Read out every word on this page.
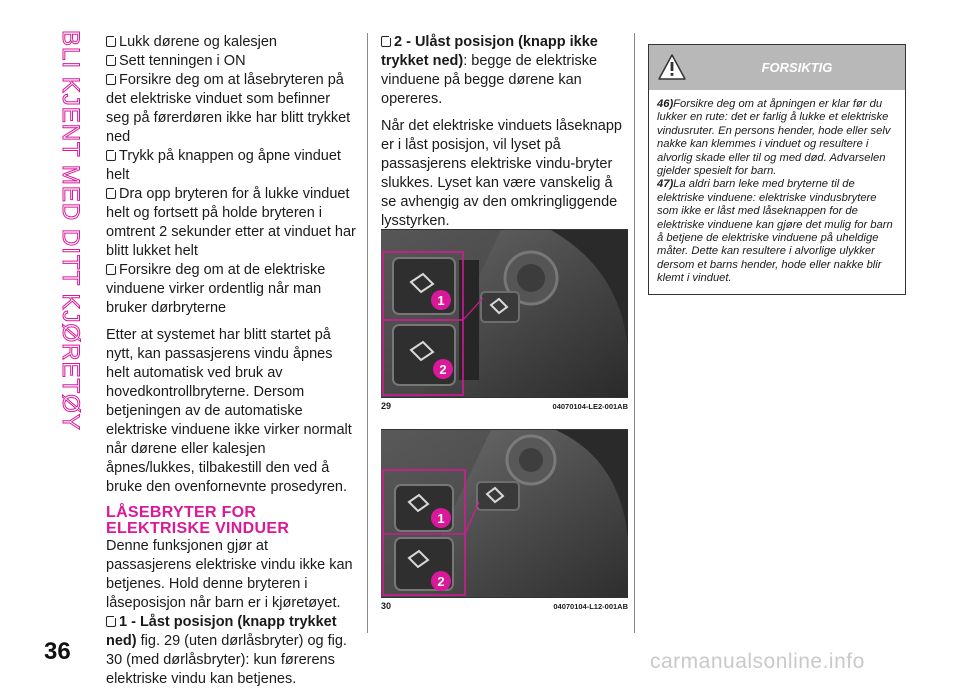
BLI KJENT MED DITT KJØRETØY	Lukk dørene og kalesjen
Sett tenningen i ON
Forsikre deg om at låsebryteren på det elektriske vinduet som befinner seg på førerdøren ikke har blitt trykket ned
Trykk på knappen og åpne vinduet helt
Dra opp bryteren for å lukke vinduet helt og fortsett på holde bryteren i omtrent 2 sekunder etter at vinduet har blitt lukket helt
Forsikre deg om at de elektriske vinduene virker ordentlig når man bruker dørbryterne
Etter at systemet har blitt startet på nytt, kan passasjerens vindu åpnes helt automatisk ved bruk av hovedkontrollbryterne. Dersom betjeningen av de automatiske elektriske vinduene ikke virker normalt når dørene eller kalesjen åpnes/lukkes, tilbakestill den ved å bruke den ovenfornevnte prosedyren.
LÅSEBRYTER FOR ELEKTRISKE VINDUER
Denne funksjonen gjør at passasjerens elektriske vindu ikke kan betjenes. Hold denne bryteren i låseposisjon når barn er i kjøretøyet.
1 - Låst posisjon (knapp trykket ned) fig. 29 (uten dørlåsbryter) og fig. 30 (med dørlåsbryter): kun førerens elektriske vindu kan betjenes.
2 - Ulåst posisjon (knapp ikke trykket ned): begge de elektriske vinduene på begge dørene kan opereres.
Når det elektriske vinduets låseknapp er i låst posisjon, vil lyset på passasjerens elektriske vindu-bryter slukkes. Lyset kan være vanskelig å se avhengig av den omkringliggende lysstyrken.
1
2
29	04070104-LE2-001AB
1
2
30	04070104-L12-001AB
FORSIKTIG
46)Forsikre deg om at åpningen er klar før du lukker en rute: det er farlig å lukke et elektriske vindusruter. En persons hender, hode eller selv nakke kan klemmes i vinduet og resultere i alvorlig skade eller til og med død. Advarselen gjelder spesielt for barn.
47)La aldri barn leke med bryterne til de elektriske vinduene: elektriske vindusbrytere som ikke er låst med låseknappen for de elektriske vinduene kan gjøre det mulig for barn å betjene de elektriske vinduene på uheldige måter. Dette kan resultere i alvorlige ulykker dersom et barns hender, hode eller nakke blir klemt i vinduet.
36	carmanualsonline.info
